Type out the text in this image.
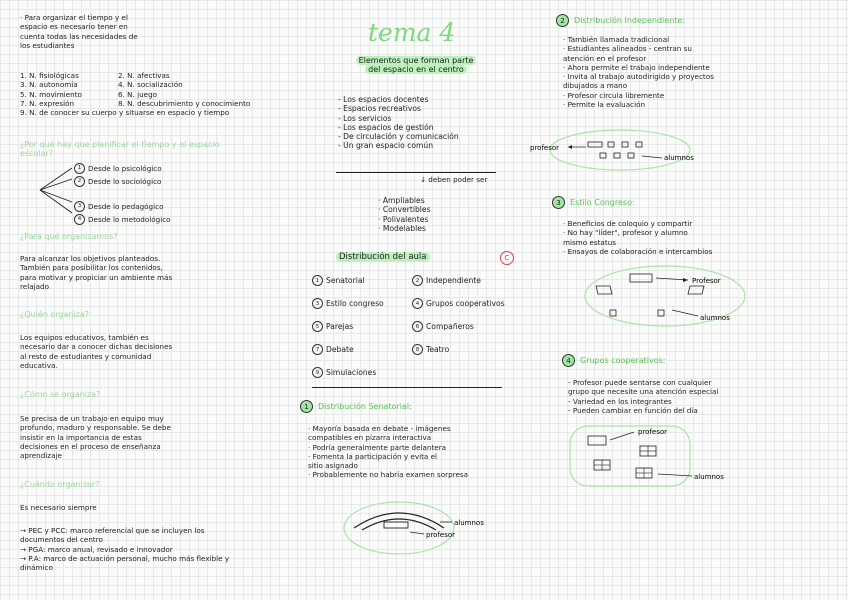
· Para organizar el tiempo y el

espacio es necesario tener en

cuenta todas las necesidades de

los estudiantes

1. N. fisiológicas	2. N. afectivas

3. N. autonomía	4. N. socialización

5. N. movimiento	6. N. juego

7. N. expresión	8. N. descubrimiento y conocimiento

9. N. de conocer su cuerpo y situarse en espacio y tiempo

¿Por qué hay que planificar el tiempo y el espacio escolar?

1 Desde lo psicológico

2 Desde lo sociológico

3 Desde lo pedagógico

4 Desde lo metodológico

¿Para qué organizamos?

Para alcanzar los objetivos planteados.

También para posibilitar los contenidos,

para motivar y propiciar un ambiente más

relajado

¿Quién organiza?

Los equipos educativos, también es

necesario dar a conocer dichas decisiones

al resto de estudiantes y comunidad

educativa.

¿Cómo se organiza?

Se precisa de un trabajo en equipo muy

profundo, maduro y responsable. Se debe

insistir en la importancia de estas

decisiones en el proceso de enseñanza

aprendizaje

¿Cuándo organizar?
Es necesario siempre

→ PEC y PCC: marco referencial que se incluyen los documentos del centro

→ PGA: marco anual, revisado e innovador

→ P.A: marco de actuación personal, mucho más flexible y dinámico

tema 4

Elementos que forman parte

del espacio en el centro

- Los espacios docentes

- Espacios recreativos

- Los servicios

- Los espacios de gestión

- De circulación y comunicación

- Un gran espacio común

↓ deben poder ser

· Ampliables

· Convertibles

· Polivalentes

· Modelables

Distribución del aula	C
1 Senatorial	2 Independiente
3 Estilo congreso	4 Grupos cooperativos
5 Parejas	6 Compañeros
7 Debate	8 Teatro
9 Simulaciones
1	Distribución Senatorial:

· Mayoría basada en debate - imágenes

compatibles en pizarra interactiva

· Podría generalmente parte delantera

· Fomenta la participación y evita el

sitio asignado

· Probablemente no habría examen sorpresa

alumnos
profesor
2	Distribución Independiente:

· También llamada tradicional

· Estudiantes alineados - centran su

atención en el profesor

· Ahora permite el trabajo independiente

· Invita al trabajo autodirigido y proyectos

dibujados a mano

· Profesor circula libremente

· Permite la evaluación

profesor
alumnos
3	Estilo Congreso:

· Beneficios de coloquio y compartir

· No hay "líder", profesor y alumno

mismo estatus

· Ensayos de colaboración e intercambios

Profesor
alumnos
4	Grupos cooperativos:

- Profesor puede sentarse con cualquier

grupo que necesite una atención especial

- Variedad en los integrantes

- Pueden cambiar en función del día

profesor
alumnos
